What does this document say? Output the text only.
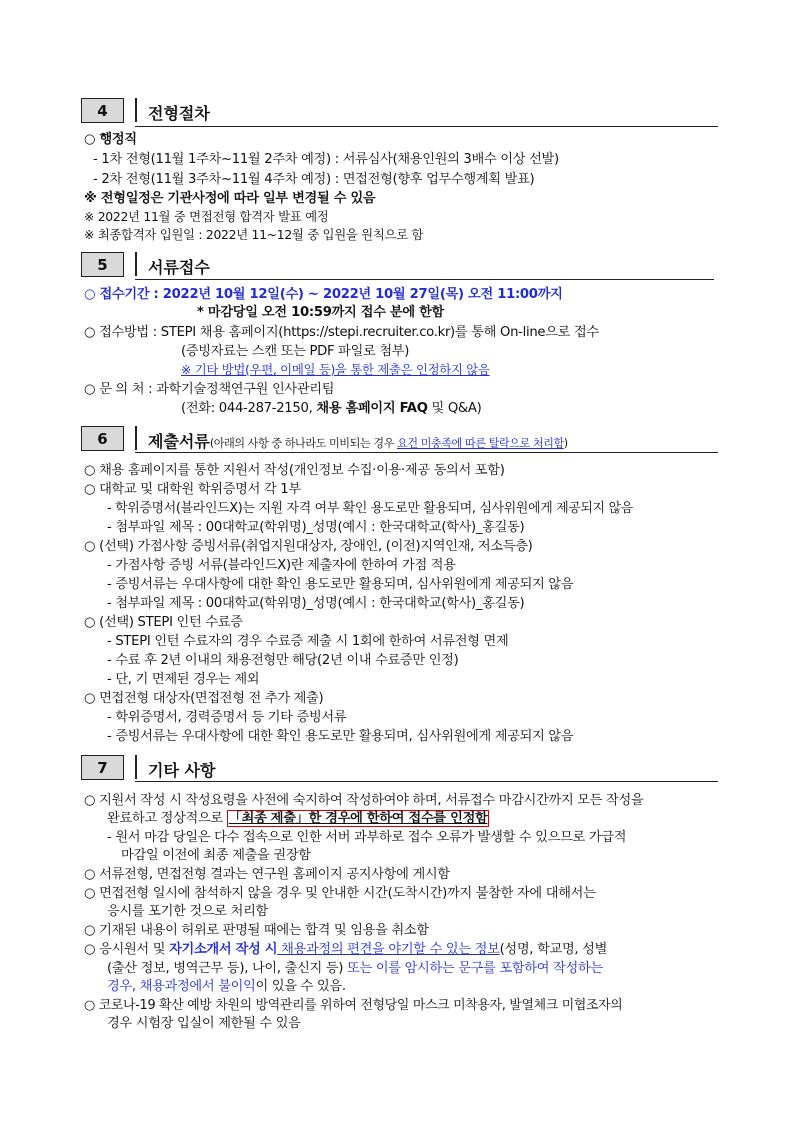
4	전형절차
○ 행정직
- 1차 전형(11월 1주차~11월 2주차 예정) : 서류심사(채용인원의 3배수 이상 선발)
- 2차 전형(11월 3주차~11월 4주차 예정) : 면접전형(향후 업무수행계획 발표)
※ 전형일정은 기관사정에 따라 일부 변경될 수 있음
※ 2022년 11월 중 면접전형 합격자 발표 예정
※ 최종합격자 입원일 : 2022년 11~12월 중 입원을 원칙으로 함
5	서류접수
○ 접수기간 : 2022년 10월 12일(수) ~ 2022년 10월 27일(목) 오전 11:00까지
* 마감당일 오전 10:59까지 접수 분에 한함
○ 접수방법 : STEPI 채용 홈페이지(https://stepi.recruiter.co.kr)를 통해 On-line으로 접수
(증빙자료는 스캔 또는 PDF 파일로 첨부)
※ 기타 방법(우편, 이메일 등)을 통한 제출은 인정하지 않음
○ 문 의 처 : 과학기술정책연구원 인사관리팀
(전화: 044-287-2150, 채용 홈페이지 FAQ 및 Q&A)
6	제출서류(아래의 사항 중 하나라도 미비되는 경우 요건 미충족에 따른 탈락으로 처리함)
○ 채용 홈페이지를 통한 지원서 작성(개인정보 수집·이용·제공 동의서 포함)
○ 대학교 및 대학원 학위증명서 각 1부
- 학위증명서(블라인드X)는 지원 자격 여부 확인 용도로만 활용되며, 심사위원에게 제공되지 않음
- 첨부파일 제목 : 00대학교(학위명)_성명(예시 : 한국대학교(학사)_홍길동)
○ (선택) 가점사항 증빙서류(취업지원대상자, 장애인, (이전)지역인재, 저소득층)
- 가점사항 증빙 서류(블라인드X)란 제출자에 한하여 가점 적용
- 증빙서류는 우대사항에 대한 확인 용도로만 활용되며, 심사위원에게 제공되지 않음
- 첨부파일 제목 : 00대학교(학위명)_성명(예시 : 한국대학교(학사)_홍길동)
○ (선택) STEPI 인턴 수료증
- STEPI 인턴 수료자의 경우 수료증 제출 시 1회에 한하여 서류전형 면제
- 수료 후 2년 이내의 채용전형만 해당(2년 이내 수료증만 인정)
- 단, 기 면제된 경우는 제외
○ 면접전형 대상자(면접전형 전 추가 제출)
- 학위증명서, 경력증명서 등 기타 증빙서류
- 증빙서류는 우대사항에 대한 확인 용도로만 활용되며, 심사위원에게 제공되지 않음
7	기타 사항
○ 지원서 작성 시 작성요령을 사전에 숙지하여 작성하여야 하며, 서류접수 마감시간까지 모든 작성을
완료하고 정상적으로 「최종 제출」한 경우에 한하여 접수를 인정함
- 원서 마감 당일은 다수 접속으로 인한 서버 과부하로 접수 오류가 발생할 수 있으므로 가급적
마감일 이전에 최종 제출을 권장함
○ 서류전형, 면접전형 결과는 연구원 홈페이지 공지사항에 게시함
○ 면접전형 일시에 참석하지 않을 경우 및 안내한 시간(도착시간)까지 불참한 자에 대해서는
응시를 포기한 것으로 처리함
○ 기재된 내용이 허위로 판명될 때에는 합격 및 임용을 취소함
○ 응시원서 및 자기소개서 작성 시 채용과정의 편견을 야기할 수 있는 정보(성명, 학교명, 성별
(출산 정보, 병역근무 등), 나이, 출신지 등) 또는 이를 암시하는 문구를 포함하여 작성하는
경우, 채용과정에서 불이익이 있을 수 있음.
○ 코로나-19 확산 예방 차원의 방역관리를 위하여 전형당일 마스크 미착용자, 발열체크 미협조자의
경우 시험장 입실이 제한될 수 있음
